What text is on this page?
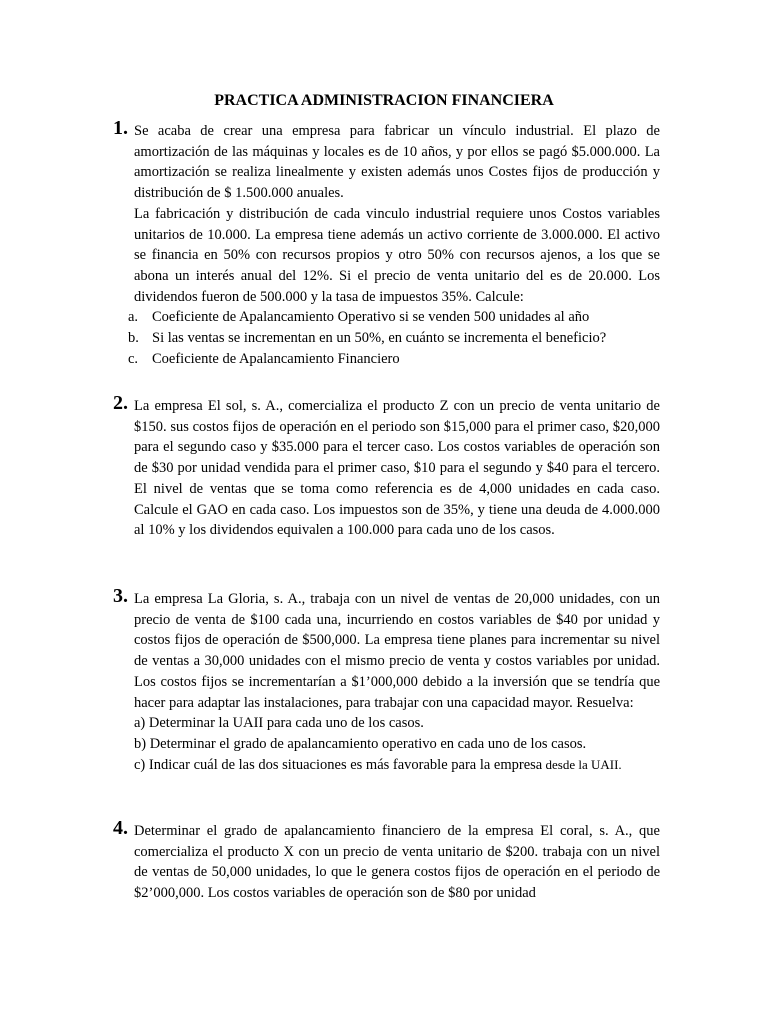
PRACTICA ADMINISTRACION FINANCIERA
1. Se acaba de crear una empresa para fabricar un vínculo industrial. El plazo de amortización de las máquinas y locales es de 10 años, y por ellos se pagó $5.000.000. La amortización se realiza linealmente y existen además unos Costes fijos de producción y distribución de $ 1.500.000 anuales.

La fabricación y distribución de cada vinculo industrial requiere unos Costos variables unitarios de 10.000. La empresa tiene además un activo corriente de 3.000.000. El activo se financia en 50% con recursos propios y otro 50% con recursos ajenos, a los que se abona un interés anual del 12%. Si el precio de venta unitario del es de 20.000. Los dividendos fueron de 500.000 y la tasa de impuestos 35%. Calcule:

a. Coeficiente de Apalancamiento Operativo si se venden 500 unidades al año
b. Si las ventas se incrementan en un 50%, en cuánto se incrementa el beneficio?
c. Coeficiente de Apalancamiento Financiero
2. La empresa El sol, s. A., comercializa el producto Z con un precio de venta unitario de $150. sus costos fijos de operación en el periodo son $15,000 para el primer caso, $20,000 para el segundo caso y $35.000 para el tercer caso. Los costos variables de operación son de $30 por unidad vendida para el primer caso, $10 para el segundo y $40 para el tercero. El nivel de ventas que se toma como referencia es de 4,000 unidades en cada caso. Calcule el GAO en cada caso. Los impuestos son de 35%, y tiene una deuda de 4.000.000 al 10% y los dividendos equivalen a 100.000 para cada uno de los casos.

3. La empresa La Gloria, s. A., trabaja con un nivel de ventas de 20,000 unidades, con un precio de venta de $100 cada una, incurriendo en costos variables de $40 por unidad y costos fijos de operación de $500,000. La empresa tiene planes para incrementar su nivel de ventas a 30,000 unidades con el mismo precio de venta y costos variables por unidad. Los costos fijos se incrementarían a $1’000,000 debido a la inversión que se tendría que hacer para adaptar las instalaciones, para trabajar con una capacidad mayor. Resuelva:

a) Determinar la UAII para cada uno de los casos.
b) Determinar el grado de apalancamiento operativo en cada uno de los casos.
c) Indicar cuál de las dos situaciones es más favorable para la empresa desde la UAII.
4. Determinar el grado de apalancamiento financiero de la empresa El coral, s. A., que comercializa el producto X con un precio de venta unitario de $200. trabaja con un nivel de ventas de 50,000 unidades, lo que le genera costos fijos de operación en el periodo de $2’000,000. Los costos variables de operación son de $80 por unidad
